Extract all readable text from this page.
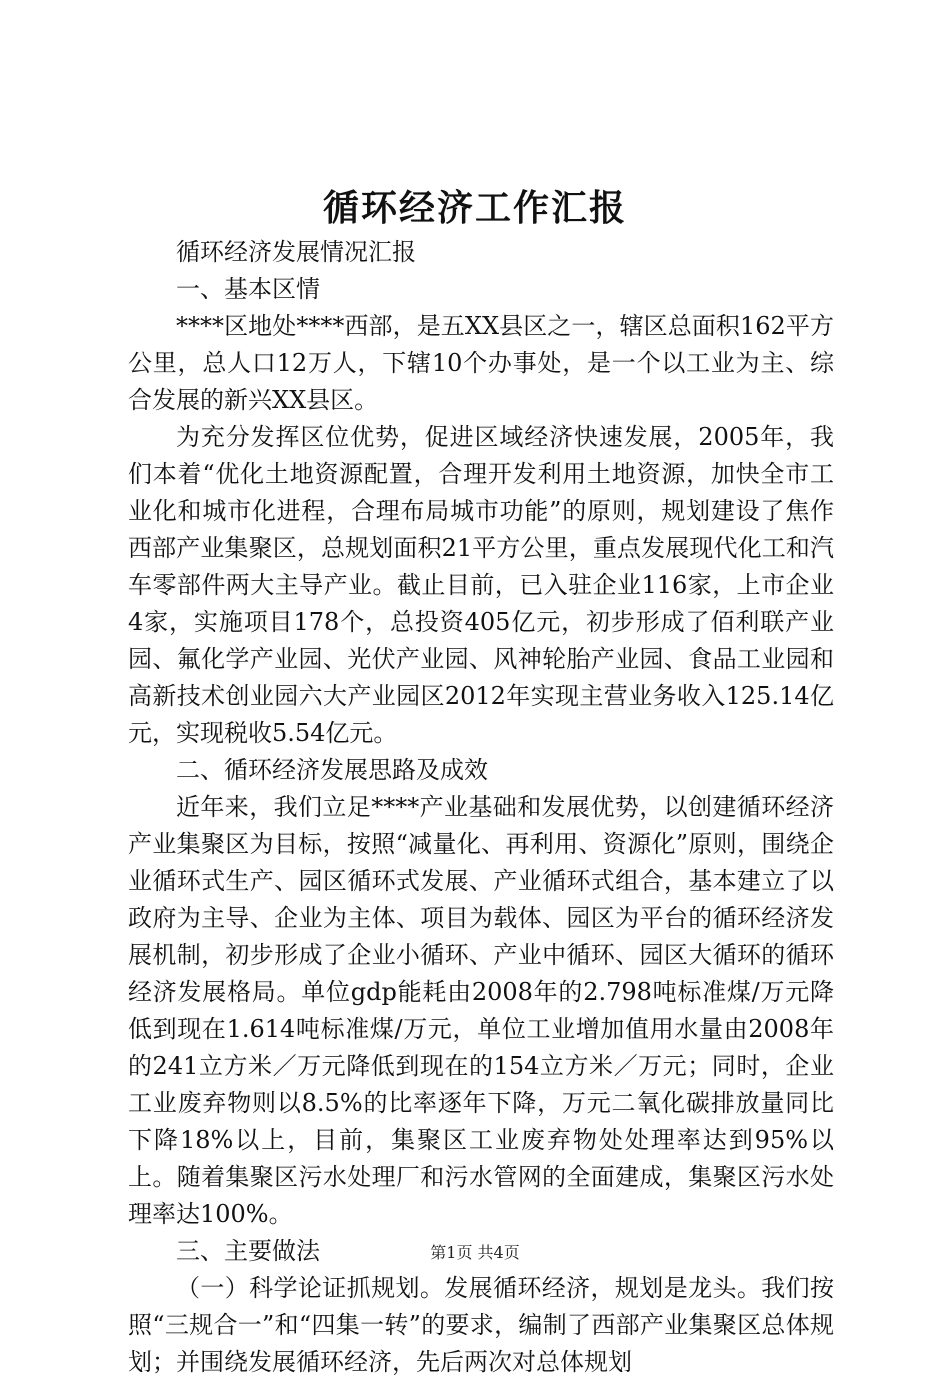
循环经济工作汇报

循环经济发展情况汇报

一、基本区情

****区地处****西部，是五XX县区之一，辖区总面积162平方公里，总人口12万人，下辖10个办事处，是一个以工业为主、综合发展的新兴XX县区。

为充分发挥区位优势，促进区域经济快速发展，2005年，我们本着“优化土地资源配置，合理开发利用土地资源，加快全市工业化和城市化进程，合理布局城市功能”的原则，规划建设了焦作西部产业集聚区，总规划面积21平方公里，重点发展现代化工和汽车零部件两大主导产业。截止目前，已入驻企业116家，上市企业4家，实施项目178个，总投资405亿元，初步形成了佰利联产业园、氟化学产业园、光伏产业园、风神轮胎产业园、食品工业园和高新技术创业园六大产业园区2012年实现主营业务收入125.14亿元，实现税收5.54亿元。

二、循环经济发展思路及成效

近年来，我们立足****产业基础和发展优势，以创建循环经济产业集聚区为目标，按照“减量化、再利用、资源化”原则，围绕企业循环式生产、园区循环式发展、产业循环式组合，基本建立了以政府为主导、企业为主体、项目为载体、园区为平台的循环经济发展机制，初步形成了企业小循环、产业中循环、园区大循环的循环经济发展格局。单位gdp能耗由2008年的2.798吨标准煤/万元降低到现在1.614吨标准煤/万元，单位工业增加值用水量由2008年的241立方米／万元降低到现在的154立方米／万元；同时，企业工业废弃物则以8.5%的比率逐年下降，万元二氧化碳排放量同比下降18%以上，目前，集聚区工业废弃物处处理率达到95%以上。随着集聚区污水处理厂和污水管网的全面建成，集聚区污水处理率达100%。

三、主要做法

（一）科学论证抓规划。发展循环经济，规划是龙头。我们按照“三规合一”和“四集一转”的要求，编制了西部产业集聚区总体规划；并围绕发展循环经济，先后两次对总体规划

第1页 共4页
